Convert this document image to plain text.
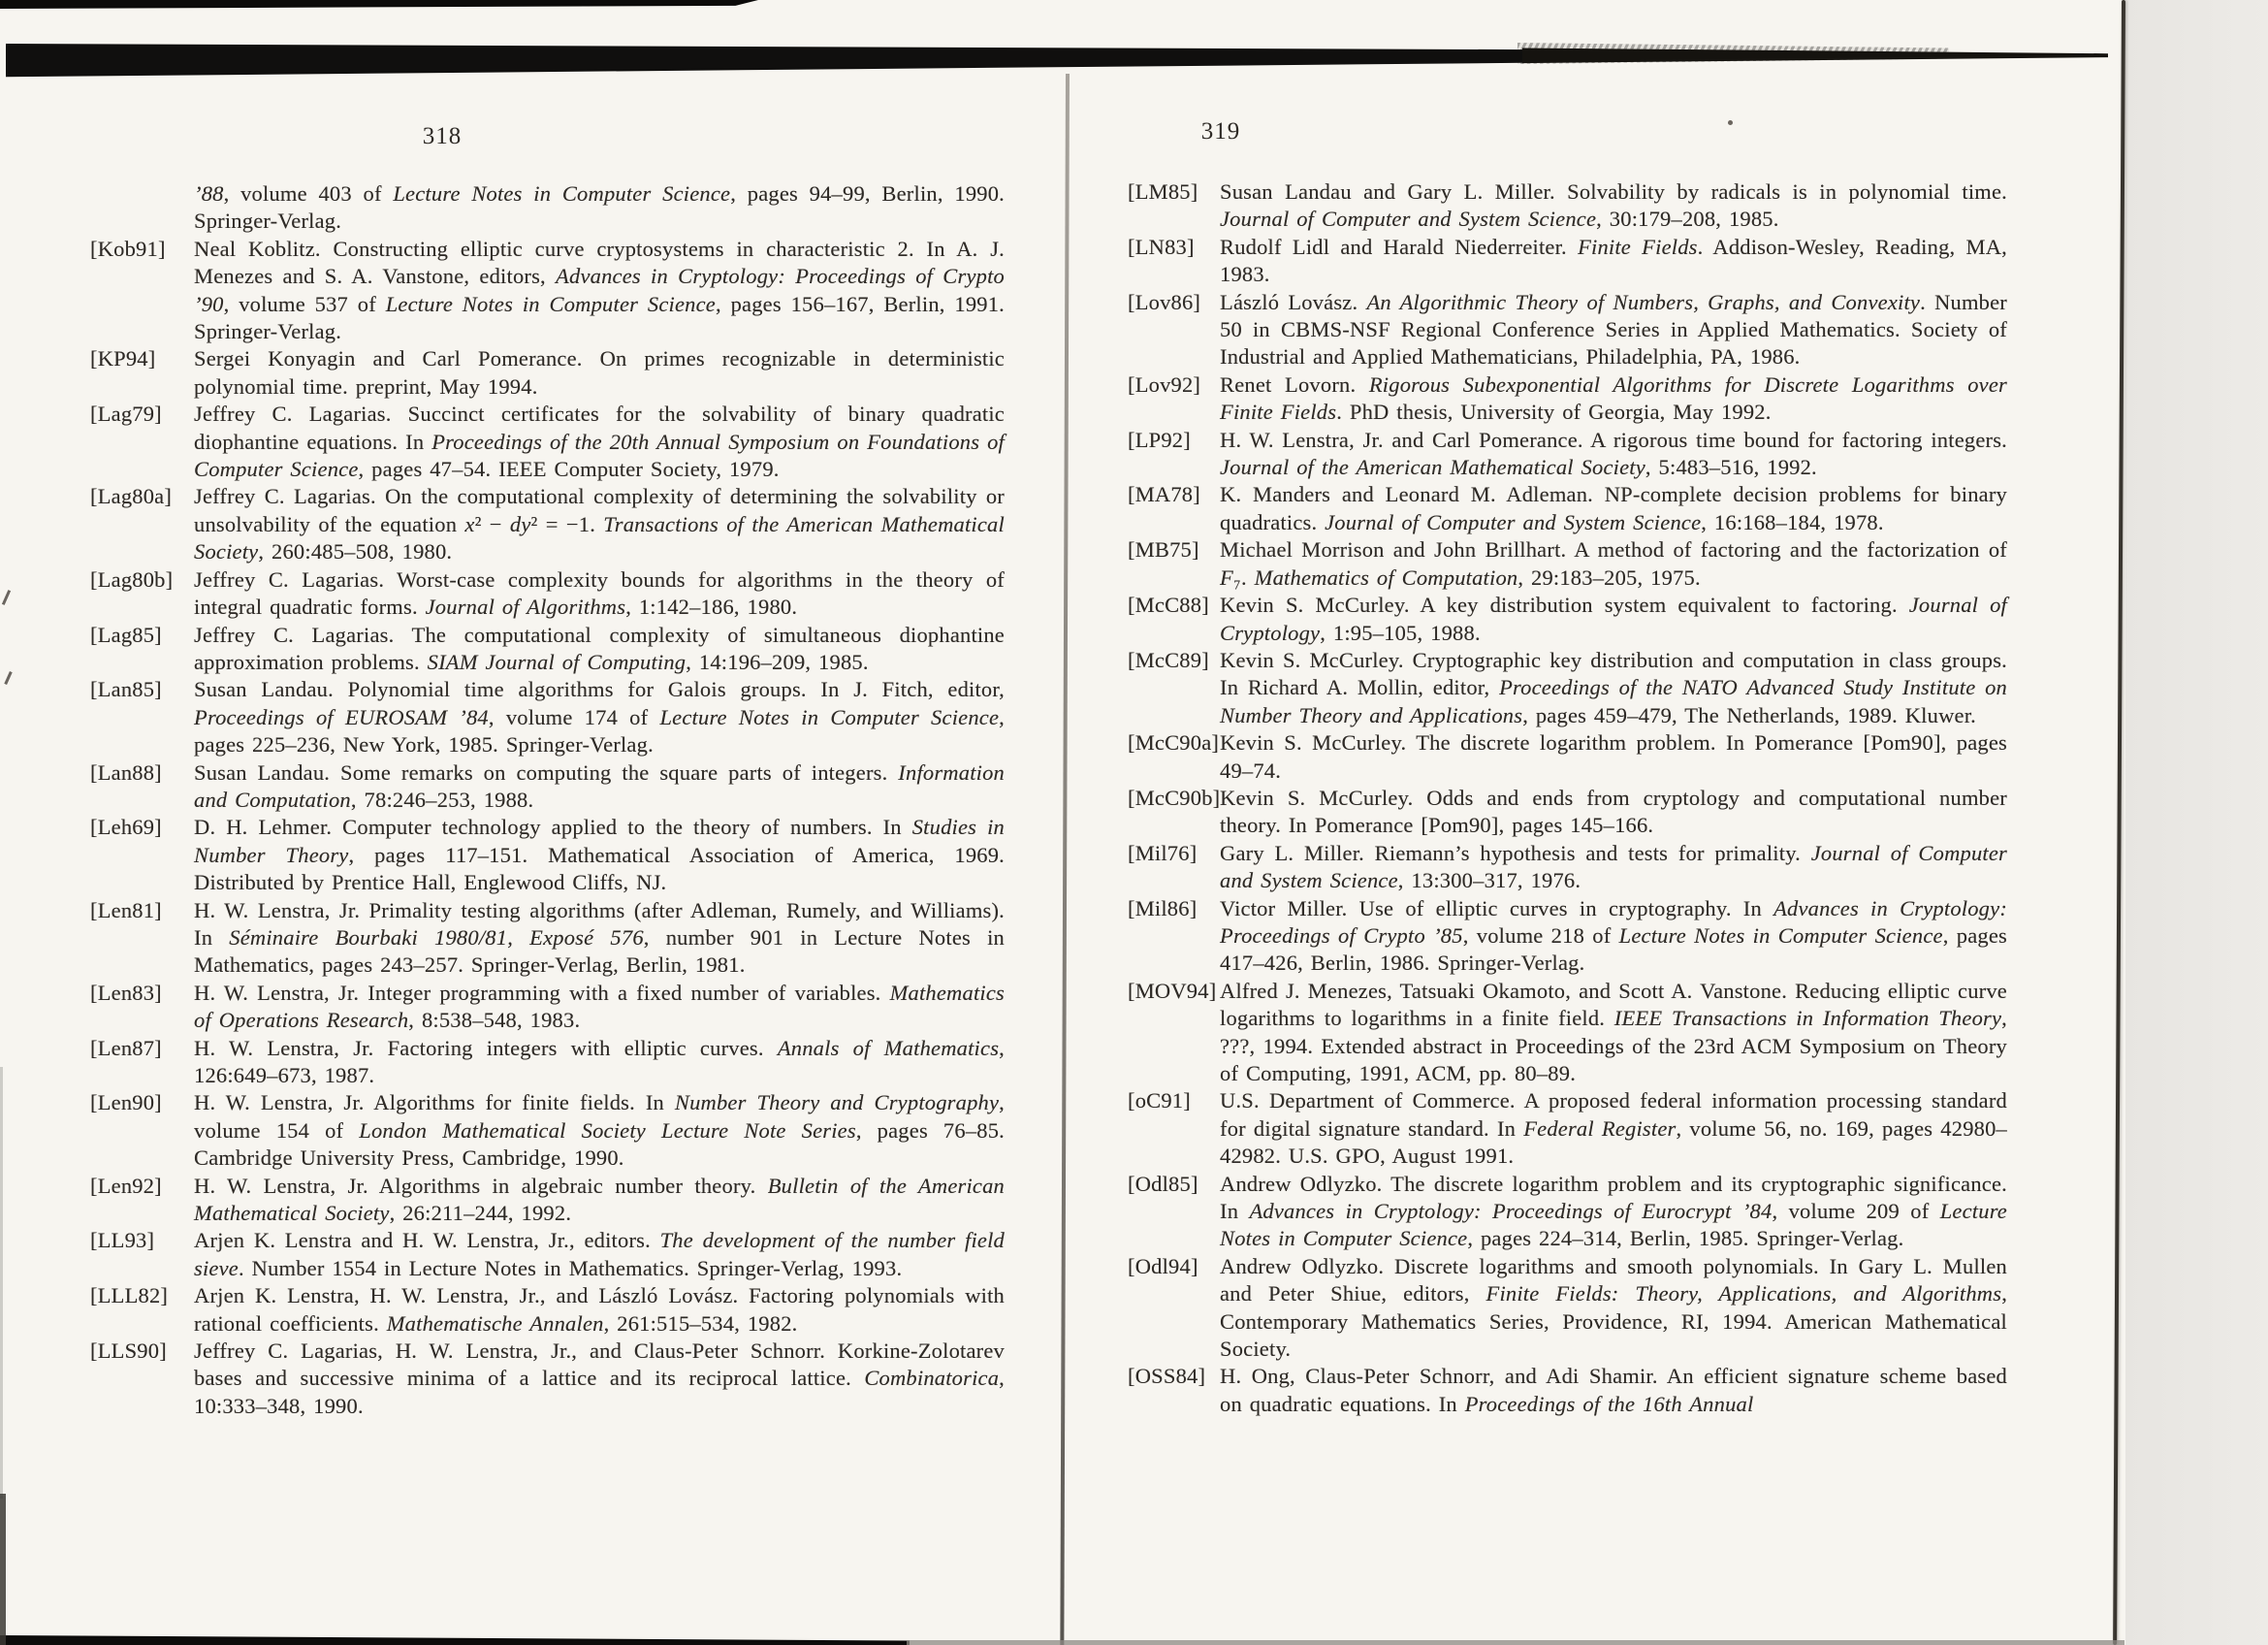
318	319
’88, volume 403 of Lecture Notes in Computer Science, pages 94–99, Berlin, 1990. Springer-Verlag.
[Kob91] Neal Koblitz. Constructing elliptic curve cryptosystems in characteristic 2. In A. J. Menezes and S. A. Vanstone, editors, Advances in Cryptology: Proceedings of Crypto ’90, volume 537 of Lecture Notes in Computer Science, pages 156–167, Berlin, 1991. Springer-Verlag.
[KP94] Sergei Konyagin and Carl Pomerance. On primes recognizable in deterministic polynomial time. preprint, May 1994.
[Lag79] Jeffrey C. Lagarias. Succinct certificates for the solvability of binary quadratic diophantine equations. In Proceedings of the 20th Annual Symposium on Foundations of Computer Science, pages 47–54. IEEE Computer Society, 1979.
[Lag80a] Jeffrey C. Lagarias. On the computational complexity of determining the solvability or unsolvability of the equation x² − dy² = −1. Transactions of the American Mathematical Society, 260:485–508, 1980.
[Lag80b] Jeffrey C. Lagarias. Worst-case complexity bounds for algorithms in the theory of integral quadratic forms. Journal of Algorithms, 1:142–186, 1980.
[Lag85] Jeffrey C. Lagarias. The computational complexity of simultaneous diophantine approximation problems. SIAM Journal of Computing, 14:196–209, 1985.
[Lan85] Susan Landau. Polynomial time algorithms for Galois groups. In J. Fitch, editor, Proceedings of EUROSAM ’84, volume 174 of Lecture Notes in Computer Science, pages 225–236, New York, 1985. Springer-Verlag.
[Lan88] Susan Landau. Some remarks on computing the square parts of integers. Information and Computation, 78:246–253, 1988.
[Leh69] D. H. Lehmer. Computer technology applied to the theory of numbers. In Studies in Number Theory, pages 117–151. Mathematical Association of America, 1969. Distributed by Prentice Hall, Englewood Cliffs, NJ.
[Len81] H. W. Lenstra, Jr. Primality testing algorithms (after Adleman, Rumely, and Williams). In Séminaire Bourbaki 1980/81, Exposé 576, number 901 in Lecture Notes in Mathematics, pages 243–257. Springer-Verlag, Berlin, 1981.
[Len83] H. W. Lenstra, Jr. Integer programming with a fixed number of variables. Mathematics of Operations Research, 8:538–548, 1983.
[Len87] H. W. Lenstra, Jr. Factoring integers with elliptic curves. Annals of Mathematics, 126:649–673, 1987.
[Len90] H. W. Lenstra, Jr. Algorithms for finite fields. In Number Theory and Cryptography, volume 154 of London Mathematical Society Lecture Note Series, pages 76–85. Cambridge University Press, Cambridge, 1990.
[Len92] H. W. Lenstra, Jr. Algorithms in algebraic number theory. Bulletin of the American Mathematical Society, 26:211–244, 1992.
[LL93] Arjen K. Lenstra and H. W. Lenstra, Jr., editors. The development of the number field sieve. Number 1554 in Lecture Notes in Mathematics. Springer-Verlag, 1993.
[LLL82] Arjen K. Lenstra, H. W. Lenstra, Jr., and László Lovász. Factoring polynomials with rational coefficients. Mathematische Annalen, 261:515–534, 1982.
[LLS90] Jeffrey C. Lagarias, H. W. Lenstra, Jr., and Claus-Peter Schnorr. Korkine-Zolotarev bases and successive minima of a lattice and its reciprocal lattice. Combinatorica, 10:333–348, 1990.
[LM85] Susan Landau and Gary L. Miller. Solvability by radicals is in polynomial time. Journal of Computer and System Science, 30:179–208, 1985.
[LN83] Rudolf Lidl and Harald Niederreiter. Finite Fields. Addison-Wesley, Reading, MA, 1983.
[Lov86] László Lovász. An Algorithmic Theory of Numbers, Graphs, and Convexity. Number 50 in CBMS-NSF Regional Conference Series in Applied Mathematics. Society of Industrial and Applied Mathematicians, Philadelphia, PA, 1986.
[Lov92] Renet Lovorn. Rigorous Subexponential Algorithms for Discrete Logarithms over Finite Fields. PhD thesis, University of Georgia, May 1992.
[LP92] H. W. Lenstra, Jr. and Carl Pomerance. A rigorous time bound for factoring integers. Journal of the American Mathematical Society, 5:483–516, 1992.
[MA78] K. Manders and Leonard M. Adleman. NP-complete decision problems for binary quadratics. Journal of Computer and System Science, 16:168–184, 1978.
[MB75] Michael Morrison and John Brillhart. A method of factoring and the factorization of F₇. Mathematics of Computation, 29:183–205, 1975.
[McC88] Kevin S. McCurley. A key distribution system equivalent to factoring. Journal of Cryptology, 1:95–105, 1988.
[McC89] Kevin S. McCurley. Cryptographic key distribution and computation in class groups. In Richard A. Mollin, editor, Proceedings of the NATO Advanced Study Institute on Number Theory and Applications, pages 459–479, The Netherlands, 1989. Kluwer.
[McC90a] Kevin S. McCurley. The discrete logarithm problem. In Pomerance [Pom90], pages 49–74.
[McC90b] Kevin S. McCurley. Odds and ends from cryptology and computational number theory. In Pomerance [Pom90], pages 145–166.
[Mil76] Gary L. Miller. Riemann’s hypothesis and tests for primality. Journal of Computer and System Science, 13:300–317, 1976.
[Mil86] Victor Miller. Use of elliptic curves in cryptography. In Advances in Cryptology: Proceedings of Crypto ’85, volume 218 of Lecture Notes in Computer Science, pages 417–426, Berlin, 1986. Springer-Verlag.
[MOV94] Alfred J. Menezes, Tatsuaki Okamoto, and Scott A. Vanstone. Reducing elliptic curve logarithms to logarithms in a finite field. IEEE Transactions in Information Theory, ???, 1994. Extended abstract in Proceedings of the 23rd ACM Symposium on Theory of Computing, 1991, ACM, pp. 80–89.
[oC91] U.S. Department of Commerce. A proposed federal information processing standard for digital signature standard. In Federal Register, volume 56, no. 169, pages 42980–42982. U.S. GPO, August 1991.
[Odl85] Andrew Odlyzko. The discrete logarithm problem and its cryptographic significance. In Advances in Cryptology: Proceedings of Eurocrypt ’84, volume 209 of Lecture Notes in Computer Science, pages 224–314, Berlin, 1985. Springer-Verlag.
[Odl94] Andrew Odlyzko. Discrete logarithms and smooth polynomials. In Gary L. Mullen and Peter Shiue, editors, Finite Fields: Theory, Applications, and Algorithms, Contemporary Mathematics Series, Providence, RI, 1994. American Mathematical Society.
[OSS84] H. Ong, Claus-Peter Schnorr, and Adi Shamir. An efficient signature scheme based on quadratic equations. In Proceedings of the 16th Annual
